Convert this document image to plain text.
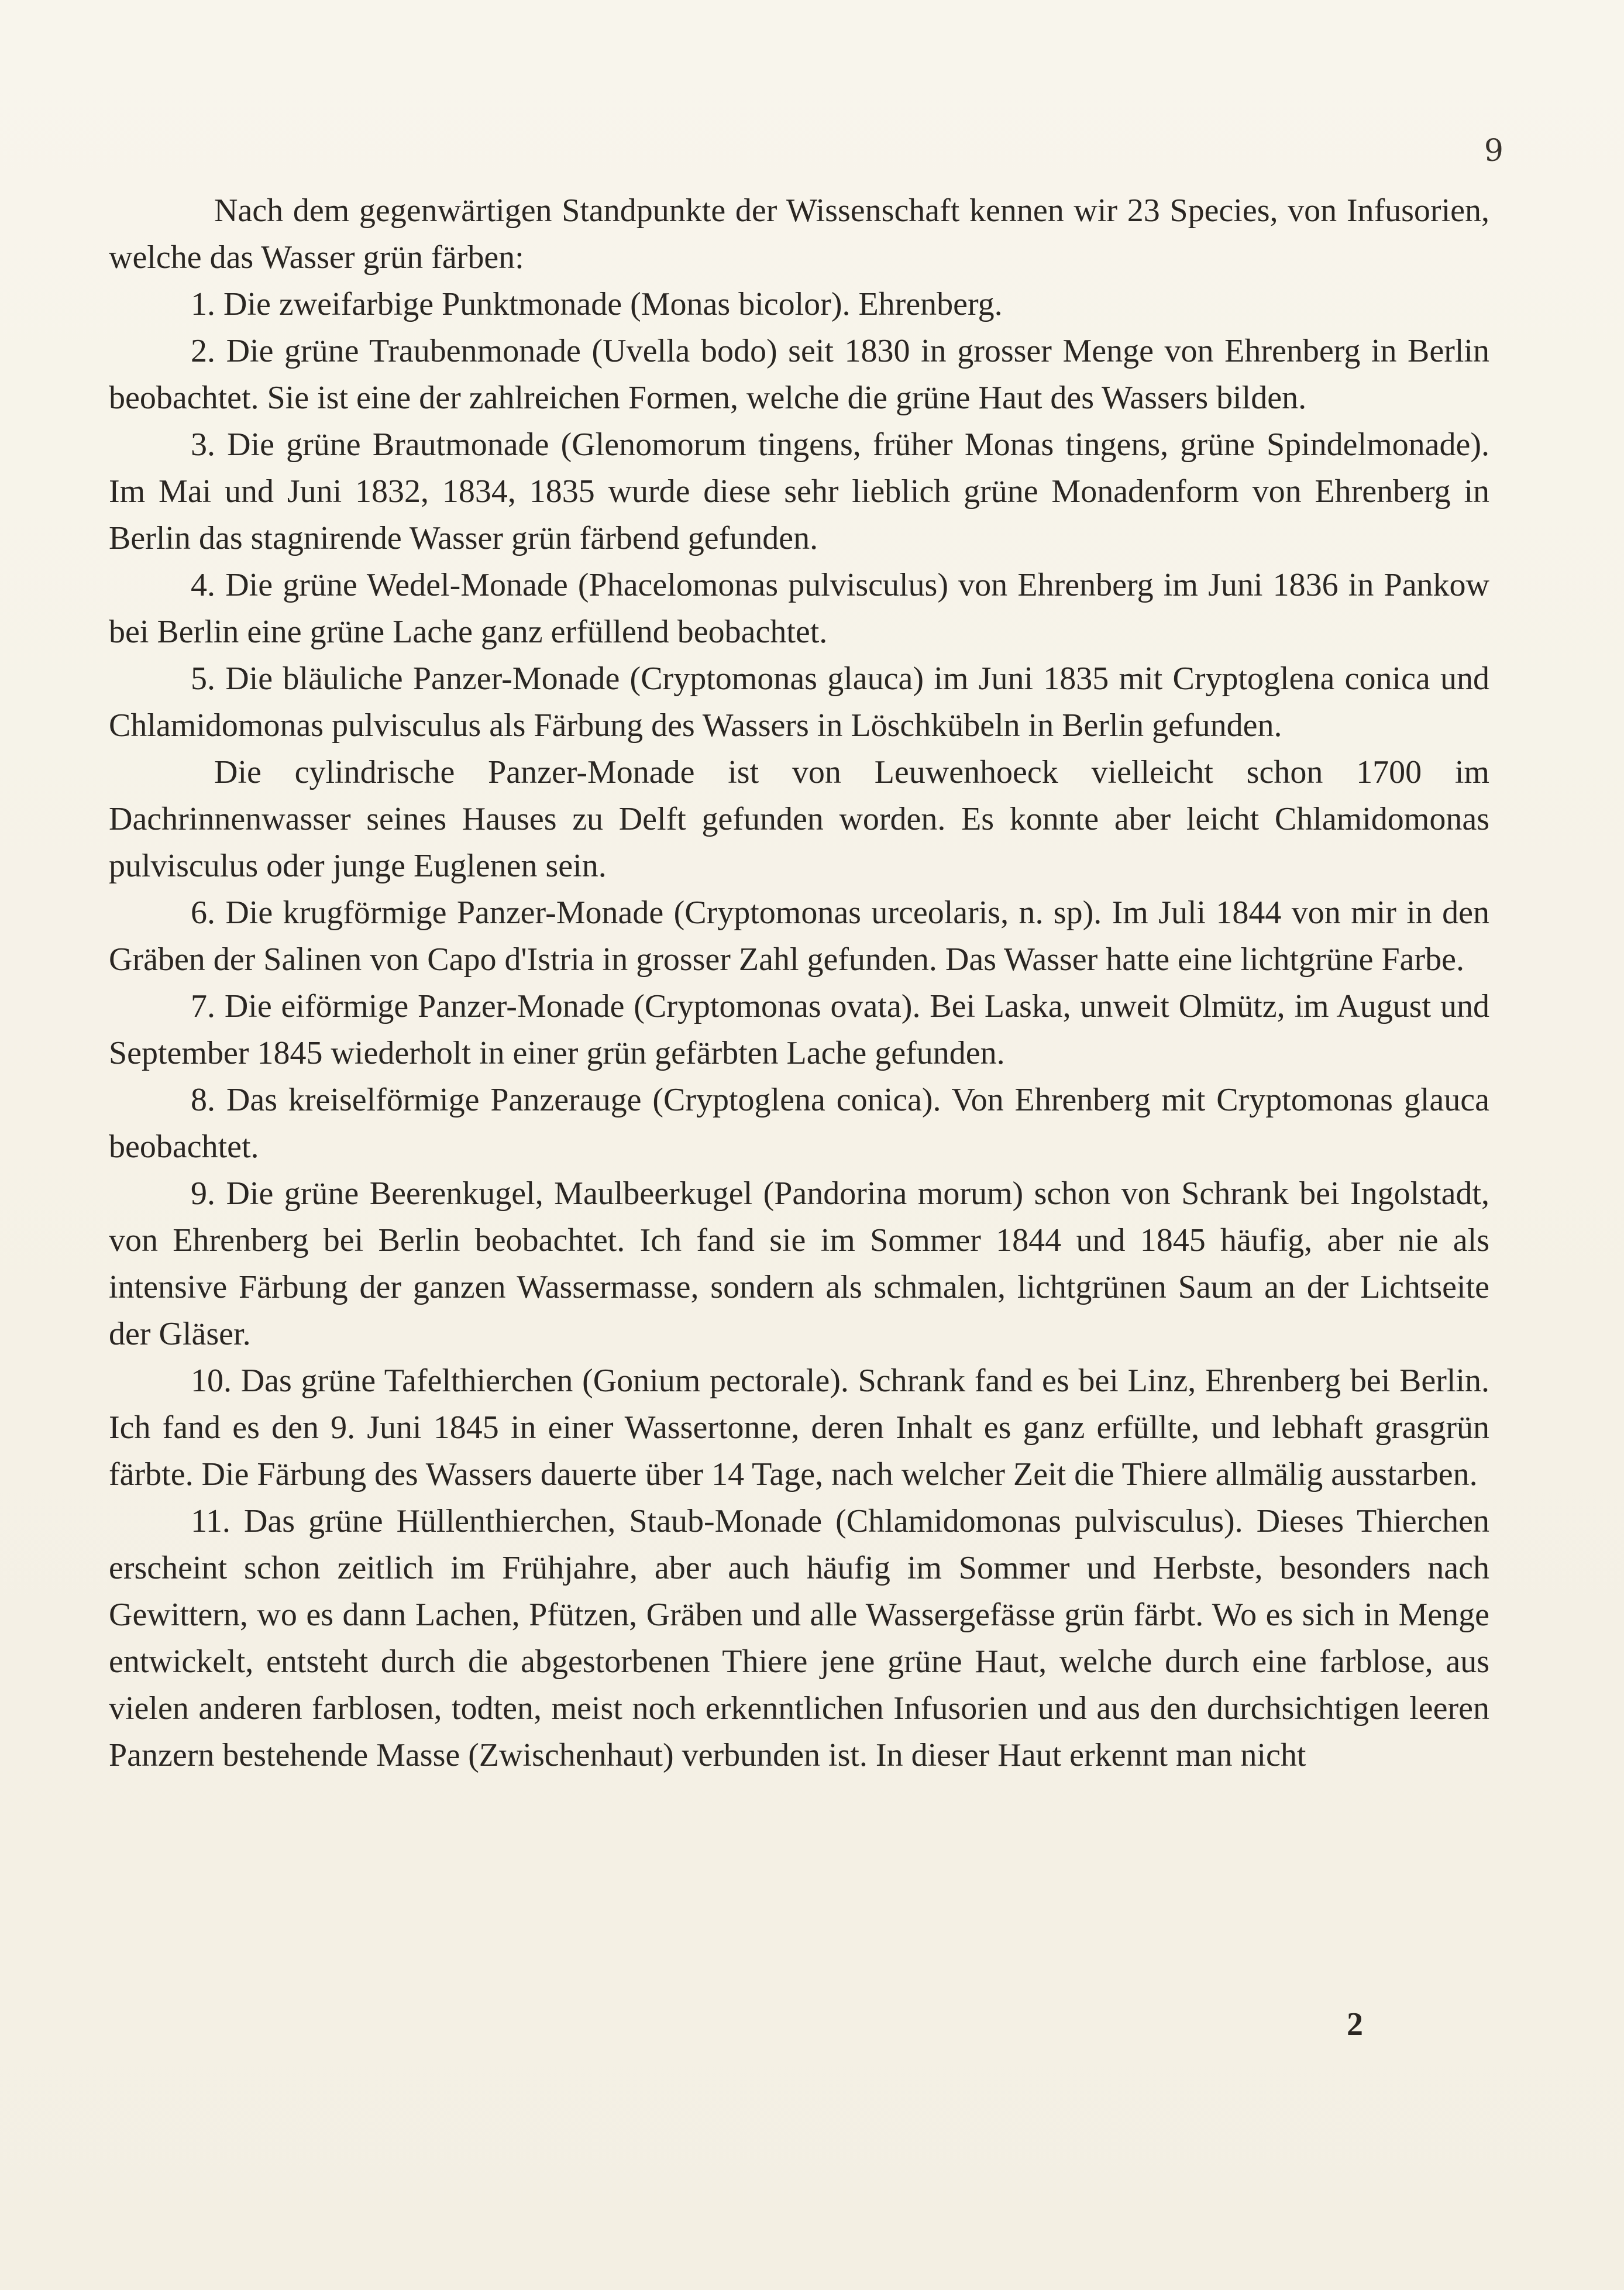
9

Nach dem gegenwärtigen Standpunkte der Wissenschaft kennen wir 23 Species, von Infusorien, welche das Wasser grün färben:

1. Die zweifarbige Punktmonade (Monas bicolor). Ehrenberg.

2. Die grüne Traubenmonade (Uvella bodo) seit 1830 in grosser Menge von Ehrenberg in Berlin beobachtet. Sie ist eine der zahlreichen Formen, welche die grüne Haut des Wassers bilden.

3. Die grüne Brautmonade (Glenomorum tingens, früher Monas tingens, grüne Spindelmonade). Im Mai und Juni 1832, 1834, 1835 wurde diese sehr lieblich grüne Monadenform von Ehrenberg in Berlin das stagnirende Wasser grün färbend gefunden.

4. Die grüne Wedel-Monade (Phacelomonas pulvisculus) von Ehrenberg im Juni 1836 in Pankow bei Berlin eine grüne Lache ganz erfüllend beobachtet.

5. Die bläuliche Panzer-Monade (Cryptomonas glauca) im Juni 1835 mit Cryptoglena conica und Chlamidomonas pulvisculus als Färbung des Wassers in Löschkübeln in Berlin gefunden.

Die cylindrische Panzer-Monade ist von Leuwenhoeck vielleicht schon 1700 im Dachrinnenwasser seines Hauses zu Delft gefunden worden. Es konnte aber leicht Chlamidomonas pulvisculus oder junge Euglenen sein.

6. Die krugförmige Panzer-Monade (Cryptomonas urceolaris, n. sp). Im Juli 1844 von mir in den Gräben der Salinen von Capo d'Istria in grosser Zahl gefunden. Das Wasser hatte eine lichtgrüne Farbe.

7. Die eiförmige Panzer-Monade (Cryptomonas ovata). Bei Laska, unweit Olmütz, im August und September 1845 wiederholt in einer grün gefärbten Lache gefunden.

8. Das kreiselförmige Panzerauge (Cryptoglena conica). Von Ehrenberg mit Cryptomonas glauca beobachtet.

9. Die grüne Beerenkugel, Maulbeerkugel (Pandorina morum) schon von Schrank bei Ingolstadt, von Ehrenberg bei Berlin beobachtet. Ich fand sie im Sommer 1844 und 1845 häufig, aber nie als intensive Färbung der ganzen Wassermasse, sondern als schmalen, lichtgrünen Saum an der Lichtseite der Gläser.

10. Das grüne Tafelthierchen (Gonium pectorale). Schrank fand es bei Linz, Ehrenberg bei Berlin. Ich fand es den 9. Juni 1845 in einer Wassertonne, deren Inhalt es ganz erfüllte, und lebhaft grasgrün färbte. Die Färbung des Wassers dauerte über 14 Tage, nach welcher Zeit die Thiere allmälig ausstarben.

11. Das grüne Hüllenthierchen, Staub-Monade (Chlamidomonas pulvisculus). Dieses Thierchen erscheint schon zeitlich im Frühjahre, aber auch häufig im Sommer und Herbste, besonders nach Gewittern, wo es dann Lachen, Pfützen, Gräben und alle Wassergefässe grün färbt. Wo es sich in Menge entwickelt, entsteht durch die abgestorbenen Thiere jene grüne Haut, welche durch eine farblose, aus vielen anderen farblosen, todten, meist noch erkenntlichen Infusorien und aus den durchsichtigen leeren Panzern bestehende Masse (Zwischenhaut) verbunden ist. In dieser Haut erkennt man nicht

2
